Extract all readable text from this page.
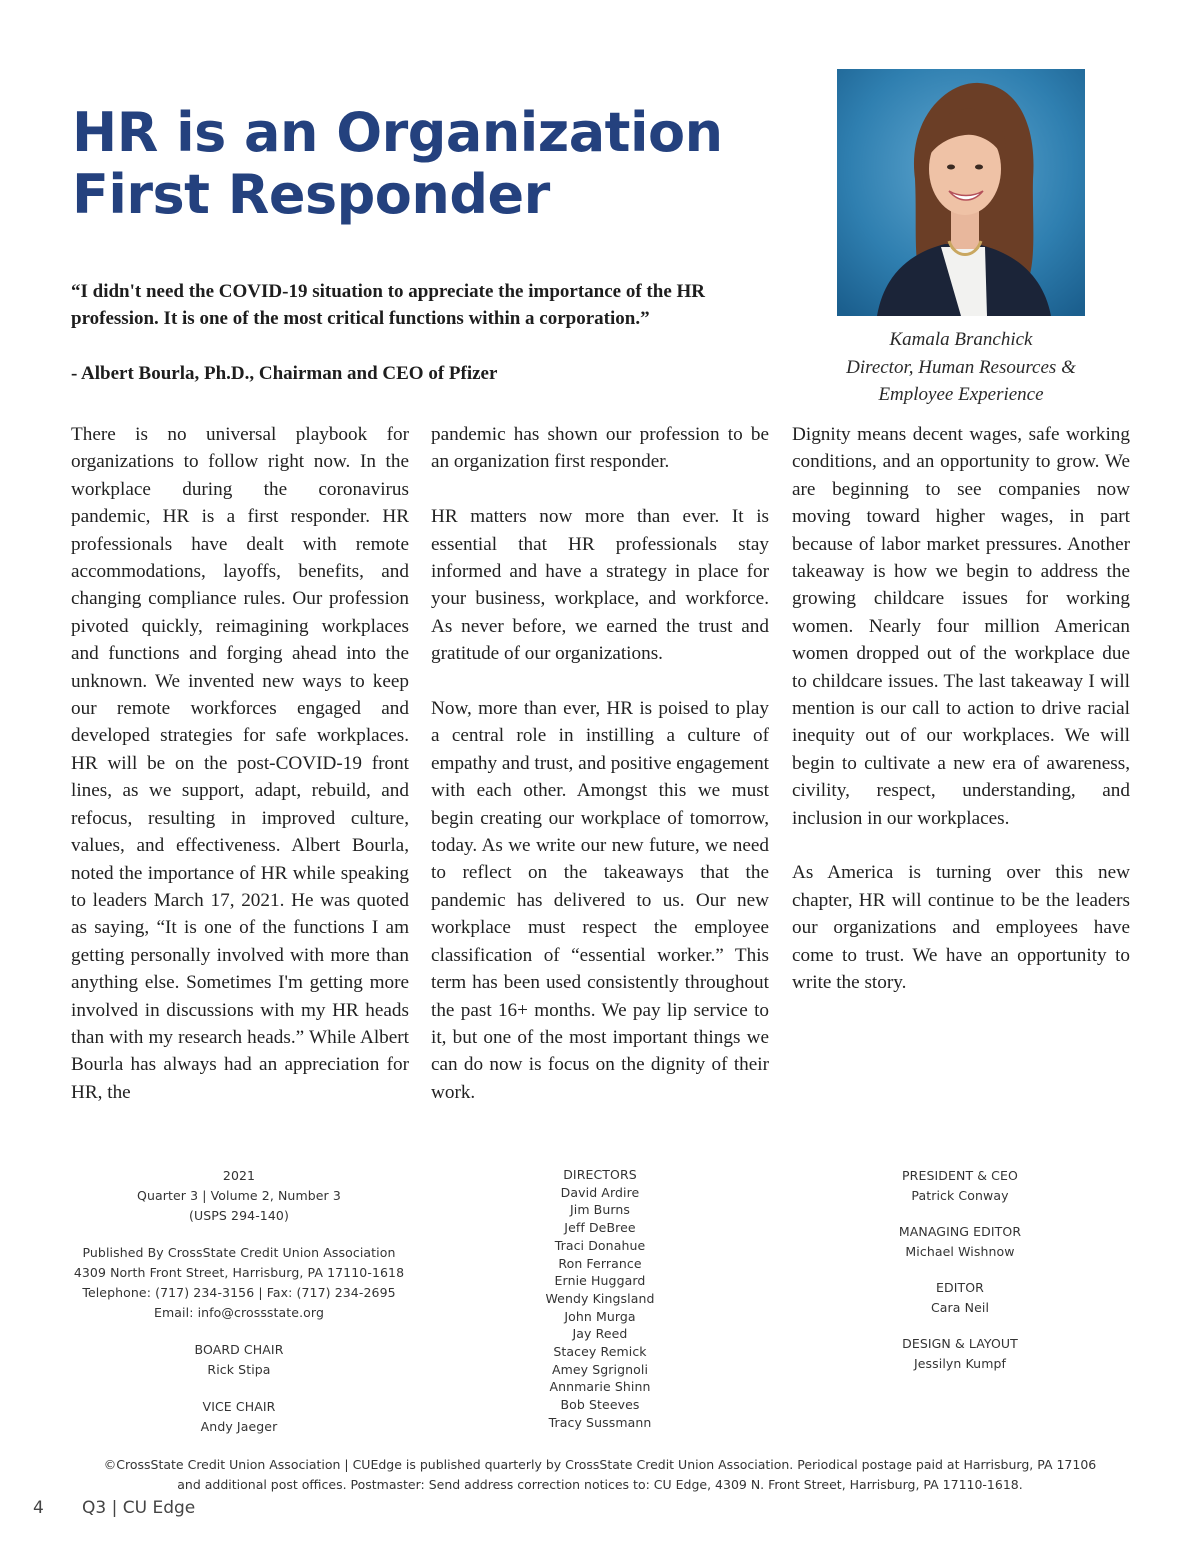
HR is an Organization
First Responder
“I didn't need the COVID-19 situation to appreciate the importance of the HR
profession. It is one of the most critical functions within a corporation.”
- Albert Bourla, Ph.D., Chairman and CEO of Pfizer
Kamala Branchick
Director, Human Resources &
Employee Experience

There is no universal playbook for organizations to follow right now. In the workplace during the coronavirus pandemic, HR is a first responder. HR professionals have dealt with remote accommodations, layoffs, benefits, and changing compliance rules. Our profession pivoted quickly, reimagining workplaces and functions and forging ahead into the unknown. We invented new ways to keep our remote workforces engaged and developed strategies for safe workplaces. HR will be on the post-COVID-19 front lines, as we support, adapt, rebuild, and refocus, resulting in improved culture, values, and effectiveness. Albert Bourla, noted the importance of HR while speaking to leaders March 17, 2021. He was quoted as saying, “It is one of the functions I am getting personally involved with more than anything else. Sometimes I'm getting more involved in discussions with my HR heads than with my research heads.” While Albert Bourla has always had an appreciation for HR, the

pandemic has shown our profession to be an organization first responder.

HR matters now more than ever. It is essential that HR professionals stay informed and have a strategy in place for your business, workplace, and workforce. As never before, we earned the trust and gratitude of our organizations.

Now, more than ever, HR is poised to play a central role in instilling a culture of empathy and trust, and positive engagement with each other. Amongst this we must begin creating our workplace of tomorrow, today. As we write our new future, we need to reflect on the takeaways that the pandemic has delivered to us. Our new workplace must respect the employee classification of “essential worker.” This term has been used consistently throughout the past 16+ months. We pay lip service to it, but one of the most important things we can do now is focus on the dignity of their work.

Dignity means decent wages, safe working conditions, and an opportunity to grow. We are beginning to see companies now moving toward higher wages, in part because of labor market pressures. Another takeaway is how we begin to address the growing childcare issues for working women. Nearly four million American women dropped out of the workplace due to childcare issues. The last takeaway I will mention is our call to action to drive racial inequity out of our workplaces. We will begin to cultivate a new era of awareness, civility, respect, understanding, and inclusion in our workplaces.

As America is turning over this new chapter, HR will continue to be the leaders our organizations and employees have come to trust. We have an opportunity to write the story.

2021
Quarter 3 | Volume 2, Number 3
(USPS 294-140)
Published By CrossState Credit Union Association
4309 North Front Street, Harrisburg, PA 17110-1618
Telephone: (717) 234-3156 | Fax: (717) 234-2695
Email: info@crossstate.org
BOARD CHAIR
Rick Stipa
VICE CHAIR
Andy Jaeger
DIRECTORS
David Ardire
Jim Burns
Jeff DeBree
Traci Donahue
Ron Ferrance
Ernie Huggard
Wendy Kingsland
John Murga
Jay Reed
Stacey Remick
Amey Sgrignoli
Annmarie Shinn
Bob Steeves
Tracy Sussmann
PRESIDENT & CEO
Patrick Conway
MANAGING EDITOR
Michael Wishnow
EDITOR
Cara Neil
DESIGN & LAYOUT
Jessilyn Kumpf
©CrossState Credit Union Association | CUEdge is published quarterly by CrossState Credit Union Association. Periodical postage paid at Harrisburg, PA 17106
and additional post offices. Postmaster: Send address correction notices to: CU Edge, 4309 N. Front Street, Harrisburg, PA 17110-1618.
4 Q3 | CU Edge
